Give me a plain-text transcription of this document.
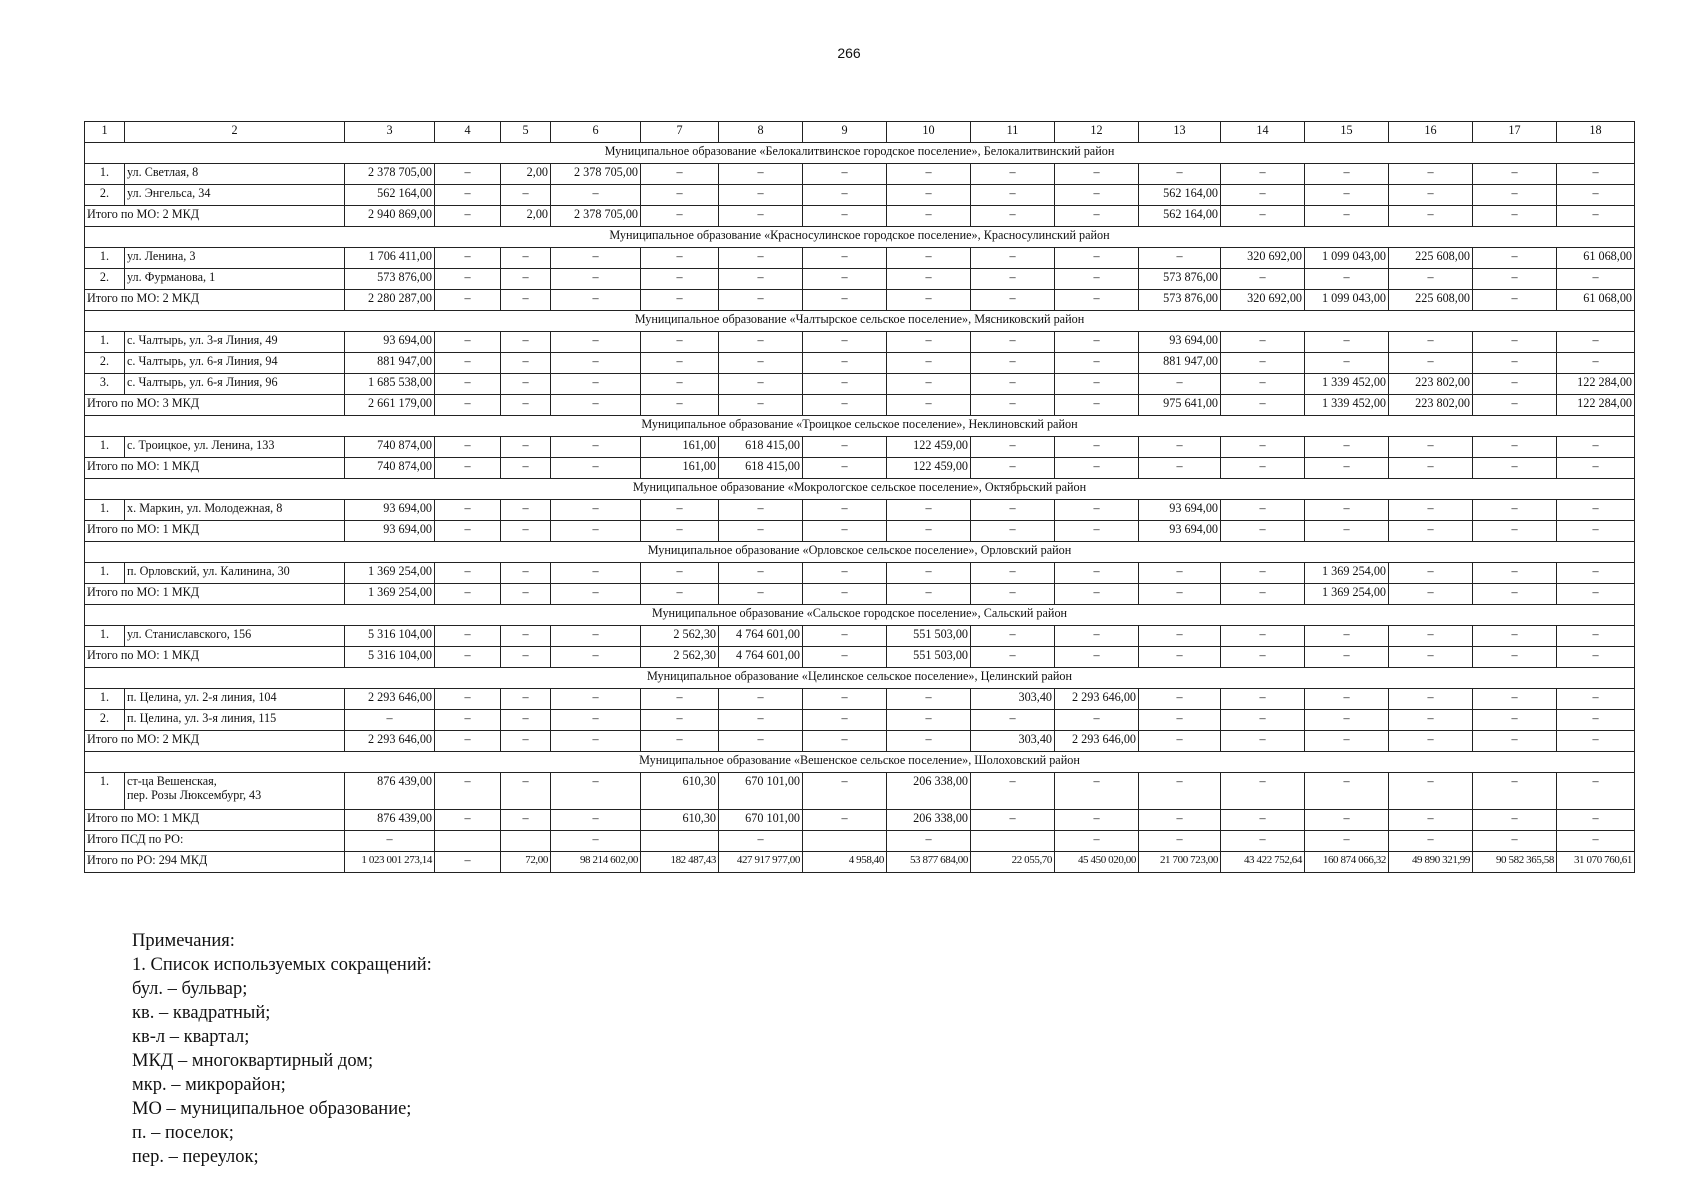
266
1	2	3	4	5	6	7	8	9	10	11	12	13	14	15	16	17	18
Муниципальное образование «Белокалитвинское городское поселение», Белокалитвинский район																	
1.	ул. Светлая, 8	2 378 705,00	–	2,00	2 378 705,00	–	–	–	–	–	–	–	–	–	–	–	–
2.	ул. Энгельса, 34	562 164,00	–	–	–	–	–	–	–	–	–	562 164,00	–	–	–	–	–
Итого по МО: 2 МКД		2 940 869,00	–	2,00	2 378 705,00	–	–	–	–	–	–	562 164,00	–	–	–	–	–
Муниципальное образование «Красносулинское городское поселение», Красносулинский район																	
1.	ул. Ленина, 3	1 706 411,00	–	–	–	–	–	–	–	–	–	–	320 692,00	1 099 043,00	225 608,00	–	61 068,00
2.	ул. Фурманова, 1	573 876,00	–	–	–	–	–	–	–	–	–	573 876,00	–	–	–	–	–
Итого по МО: 2 МКД		2 280 287,00	–	–	–	–	–	–	–	–	–	573 876,00	320 692,00	1 099 043,00	225 608,00	–	61 068,00
Муниципальное образование «Чалтырское сельское поселение», Мясниковский район																	
1.	с. Чалтырь, ул. 3-я Линия, 49	93 694,00	–	–	–	–	–	–	–	–	–	93 694,00	–	–	–	–	–
2.	с. Чалтырь, ул. 6-я Линия, 94	881 947,00	–	–	–	–	–	–	–	–	–	881 947,00	–	–	–	–	–
3.	с. Чалтырь, ул. 6-я Линия, 96	1 685 538,00	–	–	–	–	–	–	–	–	–	–	–	1 339 452,00	223 802,00	–	122 284,00
Итого по МО: 3 МКД		2 661 179,00	–	–	–	–	–	–	–	–	–	975 641,00	–	1 339 452,00	223 802,00	–	122 284,00
Муниципальное образование «Троицкое сельское поселение», Неклиновский район																	
1.	с. Троицкое, ул. Ленина, 133	740 874,00	–	–	–	161,00	618 415,00	–	122 459,00	–	–	–	–	–	–	–	–
Итого по МО: 1 МКД		740 874,00	–	–	–	161,00	618 415,00	–	122 459,00	–	–	–	–	–	–	–	–
Муниципальное образование «Мокрологское сельское поселение», Октябрьский район																	
1.	х. Маркин, ул. Молодежная, 8	93 694,00	–	–	–	–	–	–	–	–	–	93 694,00	–	–	–	–	–
Итого по МО: 1 МКД		93 694,00	–	–	–	–	–	–	–	–	–	93 694,00	–	–	–	–	–
Муниципальное образование «Орловское сельское поселение», Орловский район																	
1.	п. Орловский, ул. Калинина, 30	1 369 254,00	–	–	–	–	–	–	–	–	–	–	–	1 369 254,00	–	–	–
Итого по МО: 1 МКД		1 369 254,00	–	–	–	–	–	–	–	–	–	–	–	1 369 254,00	–	–	–
Муниципальное образование «Сальское городское поселение», Сальский район																	
1.	ул. Станиславского, 156	5 316 104,00	–	–	–	2 562,30	4 764 601,00	–	551 503,00	–	–	–	–	–	–	–	–
Итого по МО: 1 МКД		5 316 104,00	–	–	–	2 562,30	4 764 601,00	–	551 503,00	–	–	–	–	–	–	–	–
Муниципальное образование «Целинское сельское поселение», Целинский район																	
1.	п. Целина, ул. 2-я линия, 104	2 293 646,00	–	–	–	–	–	–	–	303,40	2 293 646,00	–	–	–	–	–	–
2.	п. Целина, ул. 3-я линия, 115	–	–	–	–	–	–	–	–	–	–	–	–	–	–	–	–
Итого по МО: 2 МКД		2 293 646,00	–	–	–	–	–	–	–	303,40	2 293 646,00	–	–	–	–	–	–
Муниципальное образование «Вешенское сельское поселение», Шолоховский район																	
1.	ст-ца Вешенская,
пер. Розы Люксембург, 43	876 439,00	–	–	–	610,30	670 101,00	–	206 338,00	–	–	–	–	–	–	–	–
Итого по МО: 1 МКД		876 439,00	–	–	–	610,30	670 101,00	–	206 338,00	–	–	–	–	–	–	–	–
Итого ПСД по РО:		–			–		–		–		–	–	–	–	–	–	–
Итого по РО: 294 МКД		1 023 001 273,14	–	72,00	98 214 602,00	182 487,43	427 917 977,00	4 958,40	53 877 684,00	22 055,70	45 450 020,00	21 700 723,00	43 422 752,64	160 874 066,32	49 890 321,99	90 582 365,58	31 070 760,61
Примечания:
1. Список используемых сокращений:
бул. – бульвар;
кв. – квадратный;
кв-л – квартал;
МКД – многоквартирный дом;
мкр. – микрорайон;
МО – муниципальное образование;
п. – поселок;
пер. – переулок;
